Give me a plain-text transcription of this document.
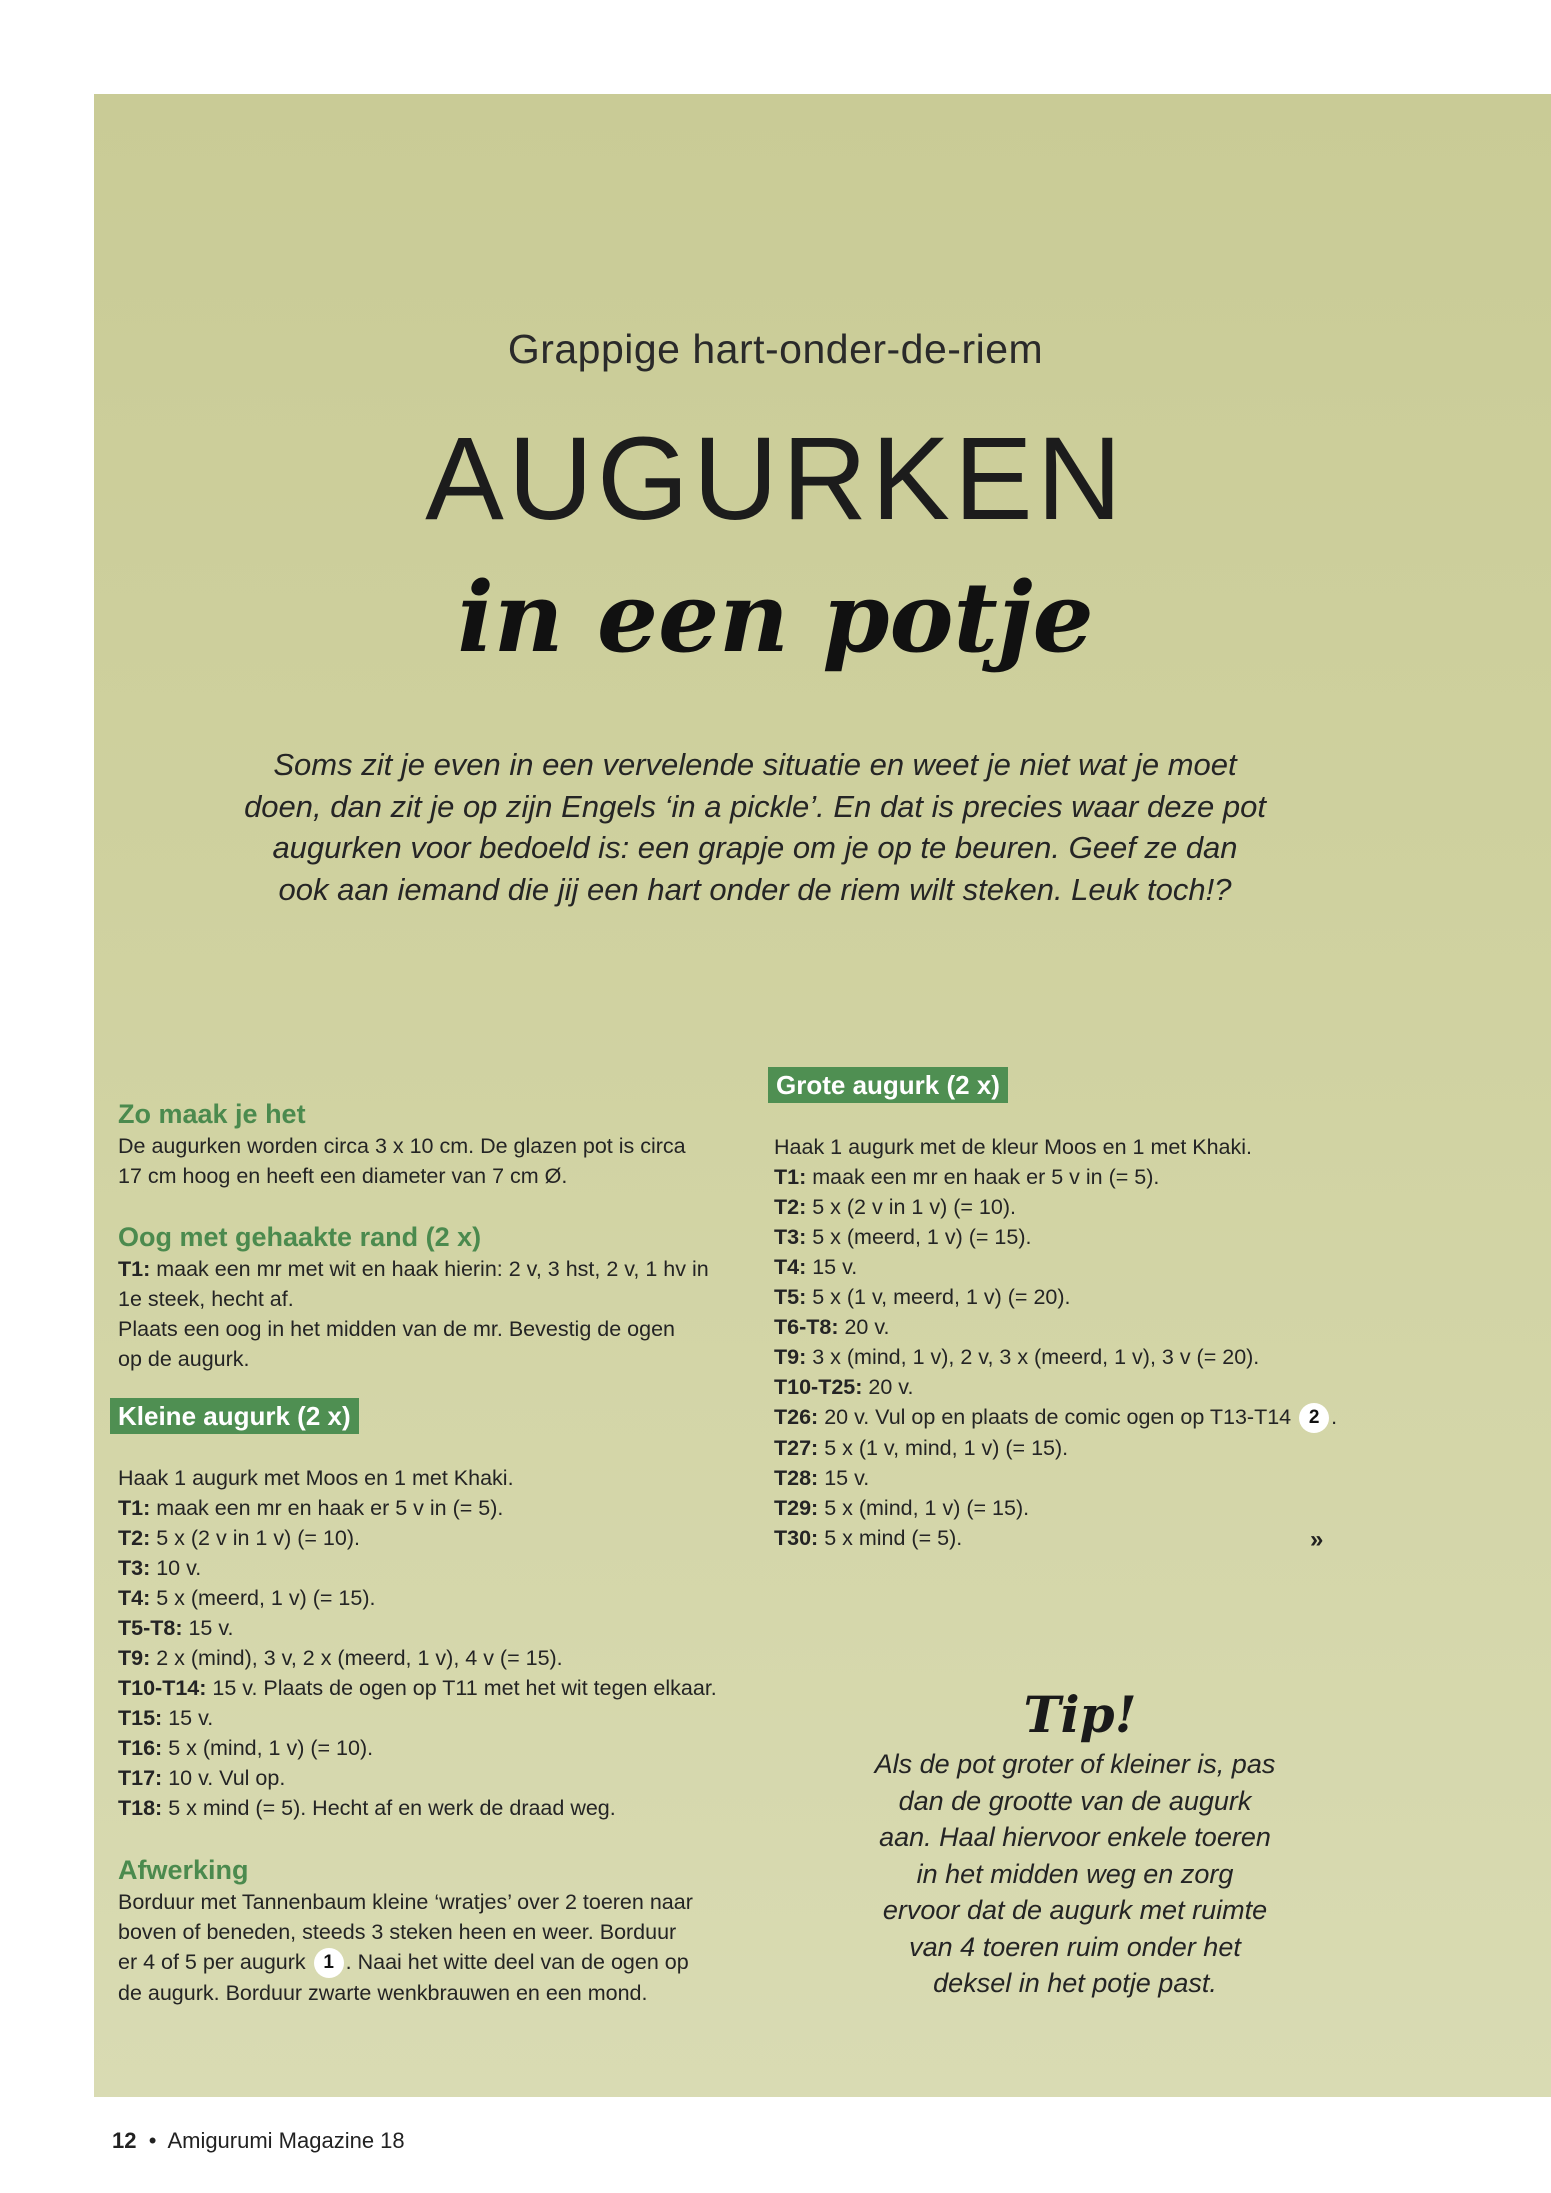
Grappige hart-onder-de-riem
AUGURKEN
in een potje
Soms zit je even in een vervelende situatie en weet je niet wat je moet
doen, dan zit je op zijn Engels ‘in a pickle’. En dat is precies waar deze pot
augurken voor bedoeld is: een grapje om je op te beuren. Geef ze dan
ook aan iemand die jij een hart onder de riem wilt steken. Leuk toch!?
Zo maak je het
De augurken worden circa 3 x 10 cm. De glazen pot is circa
17 cm hoog en heeft een diameter van 7 cm Ø.
Oog met gehaakte rand (2 x)
T1: maak een mr met wit en haak hierin: 2 v, 3 hst, 2 v, 1 hv in
1e steek, hecht af.
Plaats een oog in het midden van de mr. Bevestig de ogen
op de augurk.
Kleine augurk (2 x)
Haak 1 augurk met Moos en 1 met Khaki.
T1: maak een mr en haak er 5 v in (= 5).
T2: 5 x (2 v in 1 v) (= 10).
T3: 10 v.
T4: 5 x (meerd, 1 v) (= 15).
T5-T8: 15 v.
T9: 2 x (mind), 3 v, 2 x (meerd, 1 v), 4 v (= 15).
T10-T14: 15 v. Plaats de ogen op T11 met het wit tegen elkaar.
T15: 15 v.
T16: 5 x (mind, 1 v) (= 10).
T17: 10 v. Vul op.
T18: 5 x mind (= 5). Hecht af en werk de draad weg.
Afwerking
Borduur met Tannenbaum kleine ‘wratjes’ over 2 toeren naar
boven of beneden, steeds 3 steken heen en weer. Borduur
er 4 of 5 per augurk 1 . Naai het witte deel van de ogen op
de augurk. Borduur zwarte wenkbrauwen en een mond.
Grote augurk (2 x)
Haak 1 augurk met de kleur Moos en 1 met Khaki.
T1: maak een mr en haak er 5 v in (= 5).
T2: 5 x (2 v in 1 v) (= 10).
T3: 5 x (meerd, 1 v) (= 15).
T4: 15 v.
T5: 5 x (1 v, meerd, 1 v) (= 20).
T6-T8: 20 v.
T9: 3 x (mind, 1 v), 2 v, 3 x (meerd, 1 v), 3 v (= 20).
T10-T25: 20 v.
T26: 20 v. Vul op en plaats de comic ogen op T13-T14 2 .
T27: 5 x (1 v, mind, 1 v) (= 15).
T28: 15 v.
T29: 5 x (mind, 1 v) (= 15).
T30: 5 x mind (= 5).	»
Tip!
Als de pot groter of kleiner is, pas
dan de grootte van de augurk
aan. Haal hiervoor enkele toeren
in het midden weg en zorg
ervoor dat de augurk met ruimte
van 4 toeren ruim onder het
deksel in het potje past.
12 • Amigurumi Magazine 18
